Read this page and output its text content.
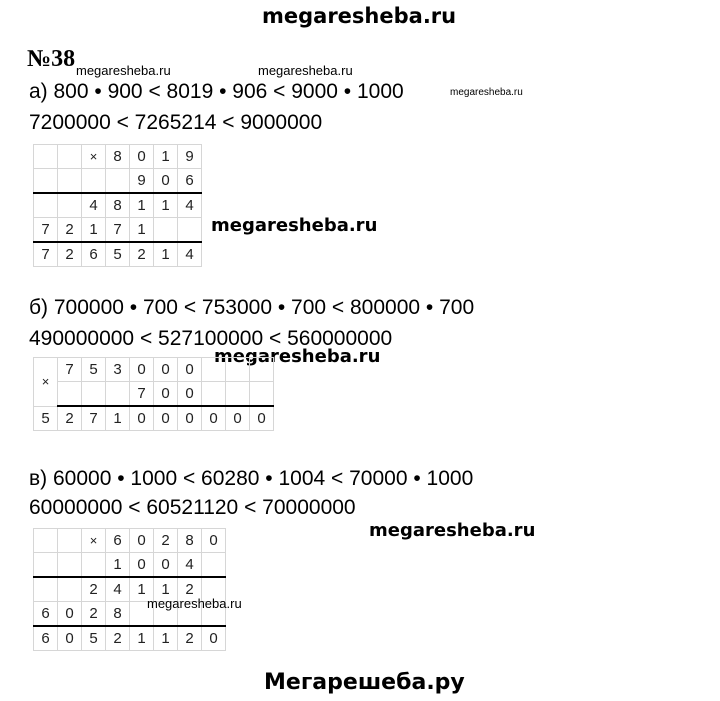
megaresheba.ru
№38 megaresheba.ru	megaresheba.ru
а) 800 • 900 < 8019 • 906 < 9000 • 1000	megaresheba.ru
7200000 < 7265214 < 9000000
		×	8	0	1	9
				9	0	6
		4	8	1	1	4
7	2	1	7	1		
7	2	6	5	2	1	4
megaresheba.ru
б) 700000 • 700 < 753000 • 700 < 800000 • 700
490000000 < 527100000 < 560000000
megaresheba.ru
×	7	5	3	0	0	0			
				7	0	0			
5	2	7	1	0	0	0	0	0	0
в) 60000 • 1000 < 60280 • 1004 < 70000 • 1000
60000000 < 60521120 < 70000000
megaresheba.ru
		×	6	0	2	8	0
			1	0	0	4	
		2	4	1	1	2	
6	0	2	8				
6	0	5	2	1	1	2	0
megaresheba.ru
Мегарешеба.ру
